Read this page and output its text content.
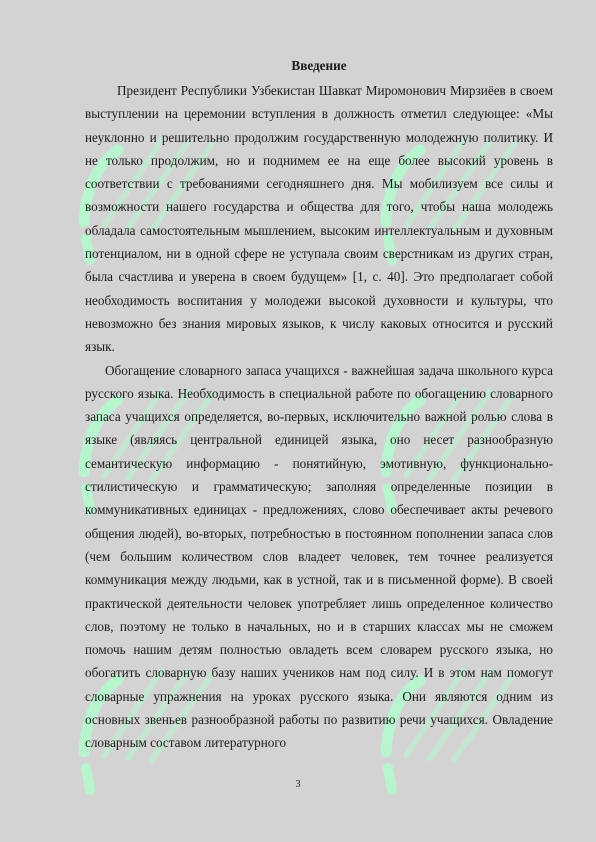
Введение

Президент Республики Узбекистан Шавкат Миромонович Мирзиёев в своем выступлении на церемонии вступления в должность отметил следующее: «Мы неуклонно и решительно продолжим государственную молодежную политику. И не только продолжим, но и поднимем ее на еще более высокий уровень в соответствии с требованиями сегодняшнего дня. Мы мобилизуем все силы и возможности нашего государства и общества для того, чтобы наша молодежь обладала самостоятельным мышлением, высоким интеллектуальным и духовным потенциалом, ни в одной сфере не уступала своим сверстникам из других стран, была счастлива и уверена в своем будущем» [1, с. 40]. Это предполагает собой необходимость воспитания у молодежи высокой духовности и культуры, что невозможно без знания мировых языков, к числу каковых относится и русский язык.

Обогащение словарного запаса учащихся - важнейшая задача школьного курса русского языка. Необходимость в специальной работе по обогащению словарного запаса учащихся определяется, во-первых, исключительно важной ролью слова в языке (являясь центральной единицей языка, оно несет разнообразную семантическую информацию - понятийную, эмотивную, функционально-стилистическую и грамматическую; заполняя определенные позиции в коммуникативных единицах - предложениях, слово обеспечивает акты речевого общения людей), во-вторых, потребностью в постоянном пополнении запаса слов (чем большим количеством слов владеет человек, тем точнее реализуется коммуникация между людьми, как в устной, так и в письменной форме). В своей практической деятельности человек употребляет лишь определенное количество слов, поэтому не только в начальных, но и в старших классах мы не сможем помочь нашим детям полностью овладеть всем словарем русского языка, но обогатить словарную базу наших учеников нам под силу. И в этом нам помогут словарные упражнения на уроках русского языка. Они являются одним из основных звеньев разнообразной работы по развитию речи учащихся. Овладение словарным составом литературного

3
